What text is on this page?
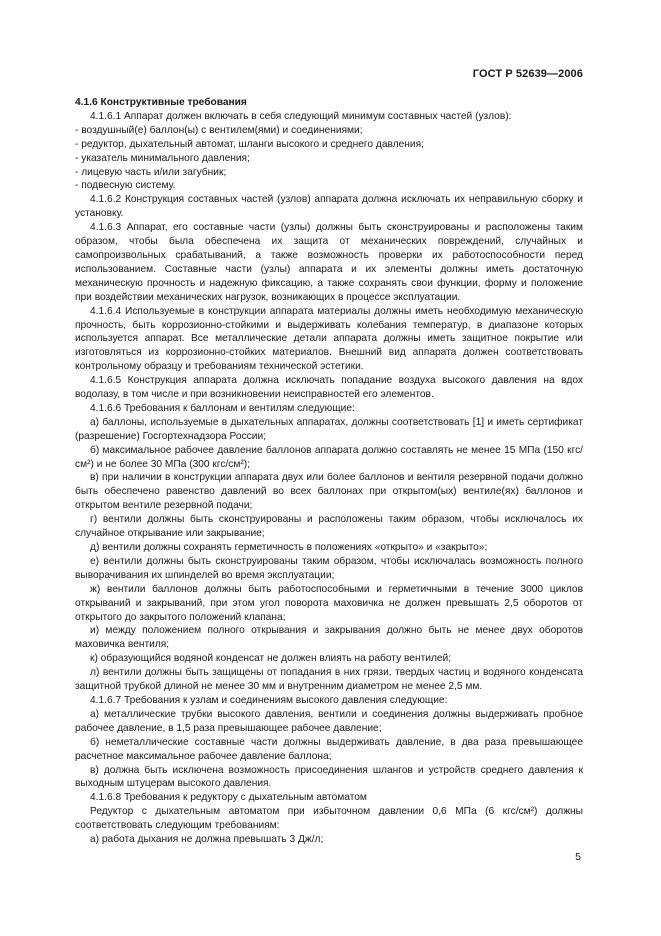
ГОСТ Р 52639—2006

4.1.6 Конструктивные требования

4.1.6.1 Аппарат должен включать в себя следующий минимум составных частей (узлов):

- воздушный(е) баллон(ы) с вентилем(ями) и соединениями;

- редуктор, дыхательный автомат, шланги высокого и среднего давления;

- указатель минимального давления;

- лицевую часть и/или загубник;

- подвесную систему.

4.1.6.2 Конструкция составных частей (узлов) аппарата должна исключать их неправильную сборку и установку.

4.1.6.3 Аппарат, его составные части (узлы) должны быть сконструированы и расположены таким образом, чтобы была обеспечена их защита от механических повреждений, случайных и самопроизвольных срабатываний, а также возможность проверки их работоспособности перед использованием. Составные части (узлы) аппарата и их элементы должны иметь достаточную механическую прочность и надежную фиксацию, а также сохранять свои функции, форму и положение при воздействии механических нагрузок, возникающих в процессе эксплуатации.

4.1.6.4 Используемые в конструкции аппарата материалы должны иметь необходимую механическую прочность, быть коррозионно-стойкими и выдерживать колебания температур, в диапазоне которых используется аппарат. Все металлические детали аппарата должны иметь защитное покрытие или изготовляться из коррозионно-стойких материалов. Внешний вид аппарата должен соответствовать контрольному образцу и требованиям технической эстетики.

4.1.6.5 Конструкция аппарата должна исключать попадание воздуха высокого давления на вдох водолазу, в том числе и при возникновении неисправностей его элементов.

4.1.6.6 Требования к баллонам и вентилям следующие:

а) баллоны, используемые в дыхательных аппаратах, должны соответствовать [1] и иметь сертификат (разрешение) Госгортехнадзора России;

б) максимальное рабочее давление баллонов аппарата должно составлять не менее 15 МПа (150 кгс/см²) и не более 30 МПа (300 кгс/см²);

в) при наличии в конструкции аппарата двух или более баллонов и вентиля резервной подачи должно быть обеспечено равенство давлений во всех баллонах при открытом(ых) вентиле(ях) баллонов и открытом вентиле резервной подачи;

г) вентили должны быть сконструированы и расположены таким образом, чтобы исключалось их случайное открывание или закрывание;

д) вентили должны сохранять герметичность в положениях «открыто» и «закрыто»;

е) вентили должны быть сконструированы таким образом, чтобы исключалась возможность полного выворачивания их шпинделей во время эксплуатации;

ж) вентили баллонов должны быть работоспособными и герметичными в течение 3000 циклов открываний и закрываний, при этом угол поворота маховичка не должен превышать 2,5 оборотов от открытого до закрытого положений клапана;

и) между положением полного открывания и закрывания должно быть не менее двух оборотов маховичка вентиля;

к) образующийся водяной конденсат не должен влиять на работу вентилей;

л) вентили должны быть защищены от попадания в них грязи, твердых частиц и водяного конденсата защитной трубкой длиной не менее 30 мм и внутренним диаметром не менее 2,5 мм.

4.1.6.7 Требования к узлам и соединениям высокого давления следующие:

а) металлические трубки высокого давления, вентили и соединения должны выдерживать пробное рабочее давление, в 1,5 раза превышающее рабочее давление;

б) неметаллические составные части должны выдерживать давление, в два раза превышающее расчетное максимальное рабочее давление баллона;

в) должна быть исключена возможность присоединения шлангов и устройств среднего давления к выходным штуцерам высокого давления.

4.1.6.8 Требования к редуктору с дыхательным автоматом

Редуктор с дыхательным автоматом при избыточном давлении 0,6 МПа (6 кгс/см²) должны соответствовать следующим требованиям:

а) работа дыхания не должна превышать 3 Дж/л;

5
